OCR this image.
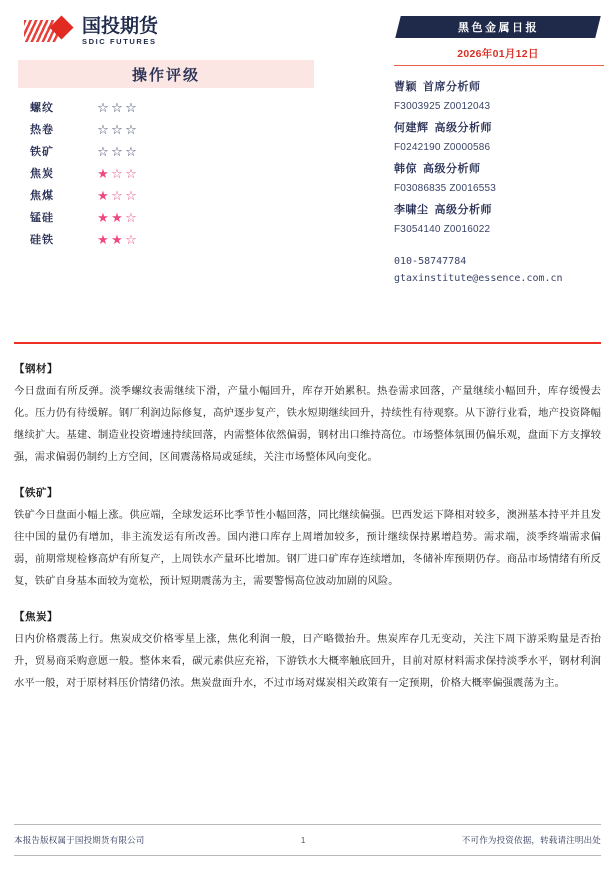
国投期货
SDIC FUTURES
操作评级
螺纹	☆ ☆ ☆
热卷	☆ ☆ ☆
铁矿	☆ ☆ ☆
焦炭	★ ☆ ☆
焦煤	★ ☆ ☆
锰硅	★ ★ ☆
硅铁	★ ★ ☆
黑色金属日报
2026年01月12日
曹颖 首席分析师
F3003925 Z0012043
何建辉 高级分析师
F0242190 Z0000586
韩倞 高级分析师
F03086835 Z0016553
李啸尘 高级分析师
F3054140 Z0016022
010-58747784
gtaxinstitute@essence.com.cn
【钢材】
今日盘面有所反弹。淡季螺纹表需继续下滑，产量小幅回升，库存开始累积。热卷需求回落，产量继续小幅回升，库存缓慢去化。压力仍有待缓解。钢厂利润边际修复，高炉逐步复产，铁水短期继续回升，持续性有待观察。从下游行业看，地产投资降幅继续扩大。基建、制造业投资增速持续回落，内需整体依然偏弱，钢材出口维持高位。市场整体氛围仍偏乐观，盘面下方支撑较强，需求偏弱仍制约上方空间，区间震荡格局或延续，关注市场整体风向变化。
【铁矿】
铁矿今日盘面小幅上涨。供应端，全球发运环比季节性小幅回落，同比继续偏强。巴西发运下降相对较多，澳洲基本持平并且发往中国的量仍有增加，非主流发运有所改善。国内港口库存上周增加较多，预计继续保持累增趋势。需求端，淡季终端需求偏弱，前期常规检修高炉有所复产，上周铁水产量环比增加。钢厂进口矿库存连续增加，冬储补库预期仍存。商品市场情绪有所反复，铁矿自身基本面较为宽松，预计短期震荡为主，需要警惕高位波动加剧的风险。
【焦炭】
日内价格震荡上行。焦炭成交价格零星上涨，焦化利润一般，日产略微抬升。焦炭库存几无变动，关注下周下游采购量是否抬升，贸易商采购意愿一般。整体来看，碳元素供应充裕，下游铁水大概率触底回升，目前对原材料需求保持淡季水平，钢材利润水平一般，对于原材料压价情绪仍浓。焦炭盘面升水，不过市场对煤炭相关政策有一定预期，价格大概率偏强震荡为主。
本报告版权属于国投期货有限公司	1	不可作为投资依据，转载请注明出处
